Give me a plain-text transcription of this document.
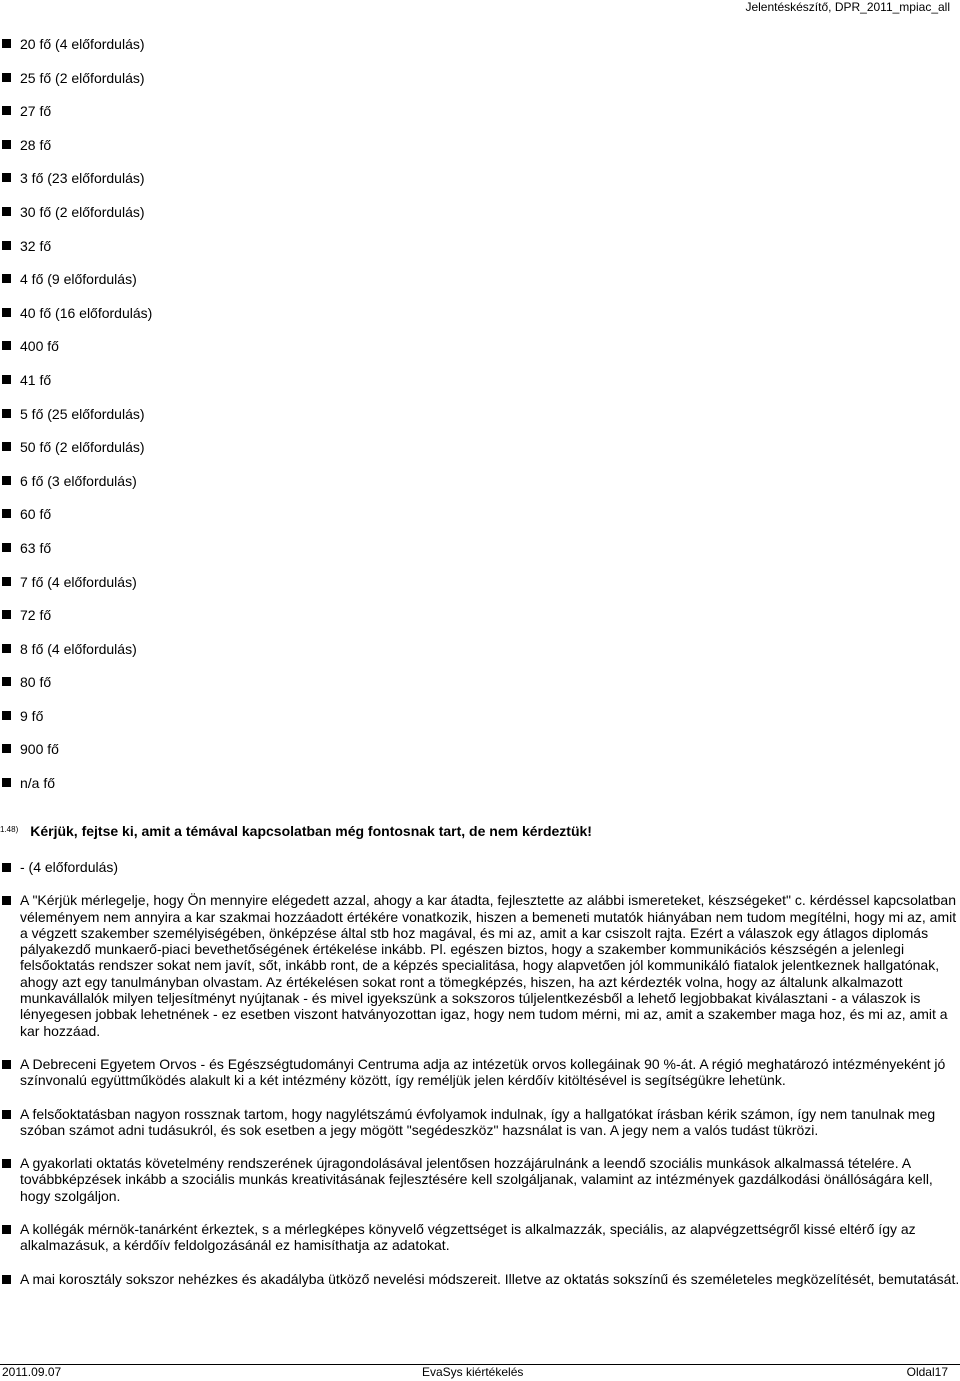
Jelentéskészítő, DPR_2011_mpiac_all
20 fő (4 előfordulás)
25 fő (2 előfordulás)
27 fő
28 fő
3 fő (23 előfordulás)
30 fő (2 előfordulás)
32 fő
4 fő (9 előfordulás)
40 fő (16 előfordulás)
400 fő
41 fő
5 fő (25 előfordulás)
50 fő (2 előfordulás)
6 fő (3 előfordulás)
60 fő
63 fő
7 fő (4 előfordulás)
72 fő
8 fő (4 előfordulás)
80 fő
9 fő
900 fő
n/a fő
$^{1.48)}$ Kérjük, fejtse ki, amit a témával kapcsolatban még fontosnak tart, de nem kérdeztük!
- (4 előfordulás)
A "Kérjük mérlegelje, hogy Ön mennyire elégedett azzal, ahogy a kar átadta, fejlesztette az alábbi ismereteket, készségeket" c. kérdéssel kapcsolatban véleményem nem annyira a kar szakmai hozzáadott értékére vonatkozik, hiszen a bemeneti mutatók hiányában nem tudom megítélni, hogy mi az, amit a végzett szakember személyiségében, önképzése által stb hoz magával, és mi az, amit a kar csiszolt rajta. Ezért a válaszok egy átlagos diplomás pályakezdő munkaerő-piaci bevethetőségének értékelése inkább. Pl. egészen biztos, hogy a szakember kommunikációs készségén a jelenlegi felsőoktatás rendszer sokat nem javít, sőt, inkább ront, de a képzés specialitása, hogy alapvetően jól kommunikáló fiatalok jelentkeznek hallgatónak, ahogy azt egy tanulmányban olvastam. Az értékelésen sokat ront a tömegképzés, hiszen, ha azt kérdezték volna, hogy az általunk alkalmazott munkavállalók milyen teljesítményt nyújtanak - és mivel igyekszünk a sokszoros túljelentkezésből a lehető legjobbakat kiválasztani - a válaszok is lényegesen jobbak lehetnének - ez esetben viszont hatványozottan igaz, hogy nem tudom mérni, mi az, amit a szakember maga hoz, és mi az, amit a kar hozzáad.
A Debreceni Egyetem Orvos - és Egészségtudományi Centruma adja az intézetük orvos kollegáinak 90 %-át. A régió meghatározó intézményeként jó színvonalú együttműködés alakult ki a két intézmény között, így reméljük jelen kérdőív kitöltésével is segítségükre lehetünk.
A felsőoktatásban nagyon rossznak tartom, hogy nagylétszámú évfolyamok indulnak, így a hallgatókat írásban kérik számon, így nem tanulnak meg szóban számot adni tudásukról, és sok esetben a jegy mögött "segédeszköz" hazsnálat is van. A jegy nem a valós tudást tükrözi.
A gyakorlati oktatás követelmény rendszerének újragondolásával jelentősen hozzájárulnánk a leendő szociális munkások alkalmassá tételére. A továbbképzések inkább a szociális munkás kreativitásának fejlesztésére kell szolgáljanak, valamint az intézmények gazdálkodási önállóságára kell, hogy szolgáljon.
A kollégák mérnök-tanárként érkeztek, s a mérlegképes könyvelő végzettséget is alkalmazzák, speciális, az alapvégzettségről kissé eltérő így az alkalmazásuk, a kérdőív feldolgozásánál ez hamisíthatja az adatokat.
A mai korosztály sokszor nehézkes és akadályba ütköző nevelési módszereit. Illetve az oktatás sokszínű és személeteles megközelítését, bemutatását.
2011.09.07	EvaSys kiértékelés	Oldal17
